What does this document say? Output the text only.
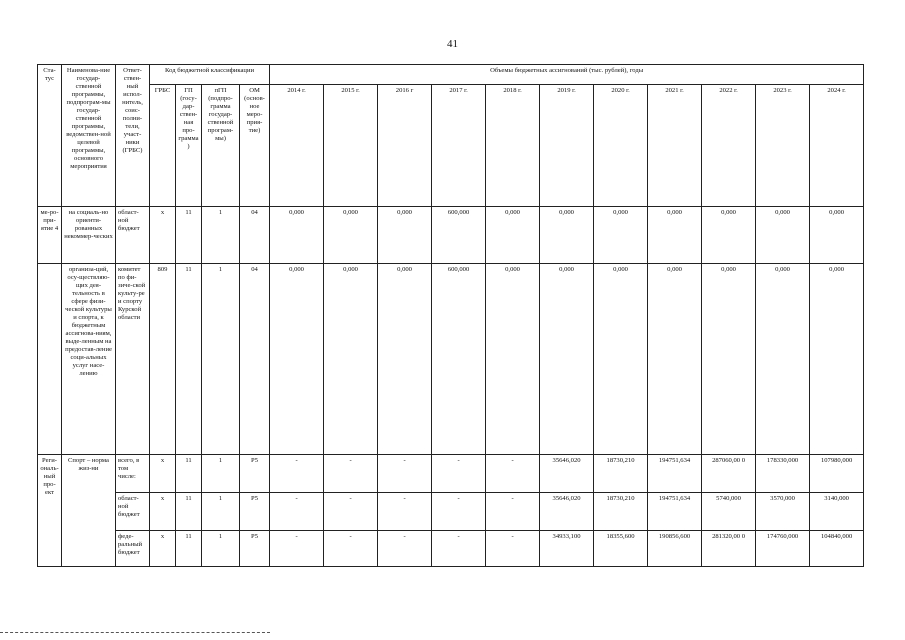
41
Ста-тус	Наименова-ние государ-ственной программы, подпрограм-мы государ-ственной программы, ведомствен-ной целевой программы, основного мероприятия	Ответ-ствен-ный испол-нитель, соис-полни-тели, участ-ники (ГРБС)	Код бюджетной классификации				Объемы бюджетных ассигнований (тыс. рублей), годы										
			ГРБС	ГП (госу-дар-ствен-ная про-грамма)	пГП (подпро-грамма государ-ственной програм-мы)	ОМ (основ-ное меро-прия-тие)	2014 г.	2015 г.	2016 г	2017 г.	2018 г.	2019 г.	2020 г.	2021 г.	2022 г.	2023 г.	2024 г.
ме-ро-при-ятие 4	на социаль-но ориенти-рованных некоммер-ческих	област-ной бюджет	х	11	1	04	0,000	0,000	0,000	600,000	0,000	0,000	0,000	0,000	0,000	0,000	0,000
	организа-ций, осу-ществляю-щих дея-тельность в сфере физи-ческой культуры и спорта, к бюджетным ассигнова-ниям, выде-ленным на предостав-ление соци-альных услуг насе-лению	комитет по фи-зиче-ской культу-ре и спорту Курской области	809	11	1	04	0,000	0,000	0,000	600,000	0,000	0,000	0,000	0,000	0,000	0,000	0,000
Реги-ональ-ный про-ект	Спорт – норма жиз-ни	всего, в том числе:	х	11	1	Р5	-	-	-	-	-	35646,020	18730,210	194751,634	287060,00 0	178330,000	107980,000
		област-ной бюджет	х	11	1	Р5	-	-	-	-	-	35646,020	18730,210	194751,634	5740,000	3570,000	3140,000
		феде-ральный бюджет	х	11	1	Р5	-	-	-	-	-	34933,100	18355,600	190856,600	281320,00 0	174760,000	104840,000
